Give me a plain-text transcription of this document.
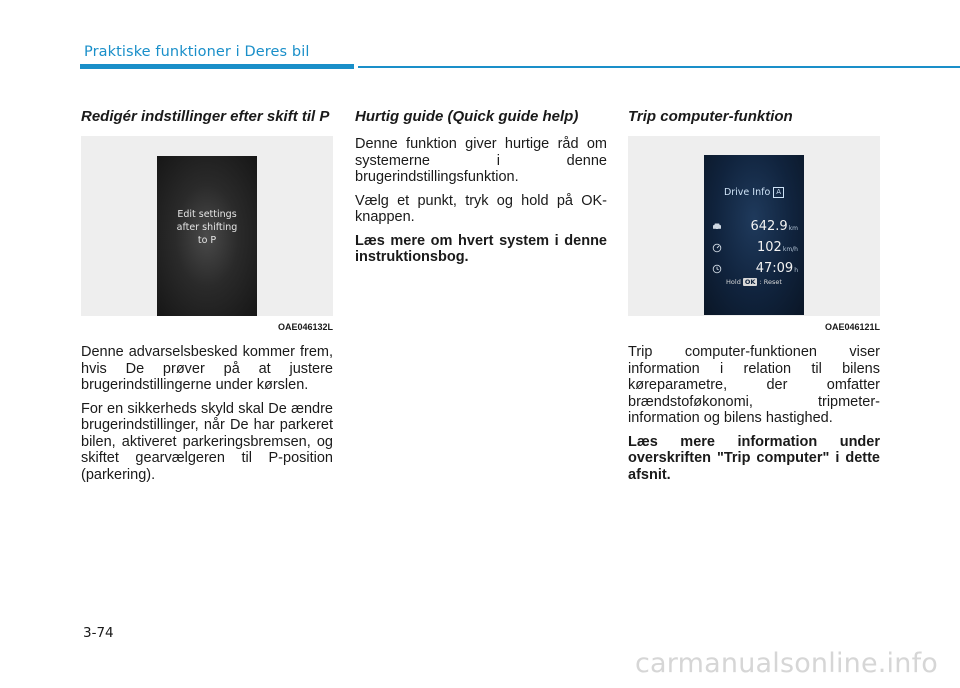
Praktiske funktioner i Deres bil
Redigér indstillinger efter skift til P
Edit settings
after shifting
to P
OAE046132L

Denne advarselsbesked kommer frem, hvis De prøver på at justere brugerindstillingerne under kørslen.

For en sikkerheds skyld skal De ændre brugerindstillinger, når De har parkeret bilen, aktiveret parkeringsbremsen, og skiftet gearvælgeren til P-position (parkering).

Hurtig guide (Quick guide help)

Denne funktion giver hurtige råd om systemerne i denne brugerindstillingsfunktion.

Vælg et punkt, tryk og hold på OK-knappen.

Læs mere om hvert system i denne instruktionsbog.

Trip computer-funktion
Drive Info A
642.9 km
102 km/h
47:09 h
Hold OK : Reset
OAE046121L

Trip computer-funktionen viser information i relation til bilens køreparametre, der omfatter brændstoføkonomi, tripmeter-information og bilens hastighed.

Læs mere information under overskriften "Trip computer" i dette afsnit.

3-74
carmanualsonline.info
